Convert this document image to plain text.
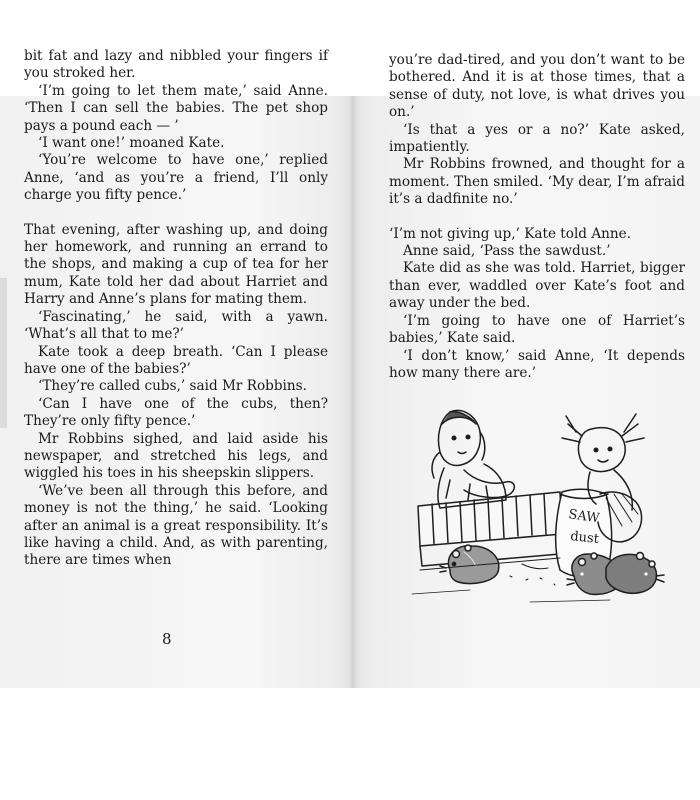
bit fat and lazy and nibbled your fingers if you stroked her.

‘I’m going to let them mate,’ said Anne. ‘Then I can sell the babies. The pet shop pays a pound each — ’

‘I want one!’ moaned Kate.

‘You’re welcome to have one,’ replied Anne, ‘and as you’re a friend, I’ll only charge you fifty pence.’

That evening, after washing up, and doing her homework, and running an errand to the shops, and making a cup of tea for her mum, Kate told her dad about Harriet and Harry and Anne’s plans for mating them.

‘Fascinating,’ he said, with a yawn. ‘What’s all that to me?’

Kate took a deep breath. ‘Can I please have one of the babies?’

‘They’re called cubs,’ said Mr Robbins.

‘Can I have one of the cubs, then? They’re only fifty pence.’

Mr Robbins sighed, and laid aside his newspaper, and stretched his legs, and wiggled his toes in his sheepskin slippers.

‘We’ve been all through this before, and money is not the thing,’ he said. ‘Looking after an animal is a great responsibility. It’s like having a child. And, as with parenting, there are times when

8

you’re dad-tired, and you don’t want to be bothered. And it is at those times, that a sense of duty, not love, is what drives you on.’

‘Is that a yes or a no?’ Kate asked, impatiently.

Mr Robbins frowned, and thought for a moment. Then smiled. ‘My dear, I’m afraid it’s a dadfinite no.’

‘I’m not giving up,’ Kate told Anne.

Anne said, ‘Pass the sawdust.’

Kate did as she was told. Harriet, bigger than ever, waddled over Kate’s foot and away under the bed.

‘I’m going to have one of Harriet’s babies,’ Kate said.

‘I don’t know,’ said Anne, ‘It depends how many there are.’

SAW
dust
